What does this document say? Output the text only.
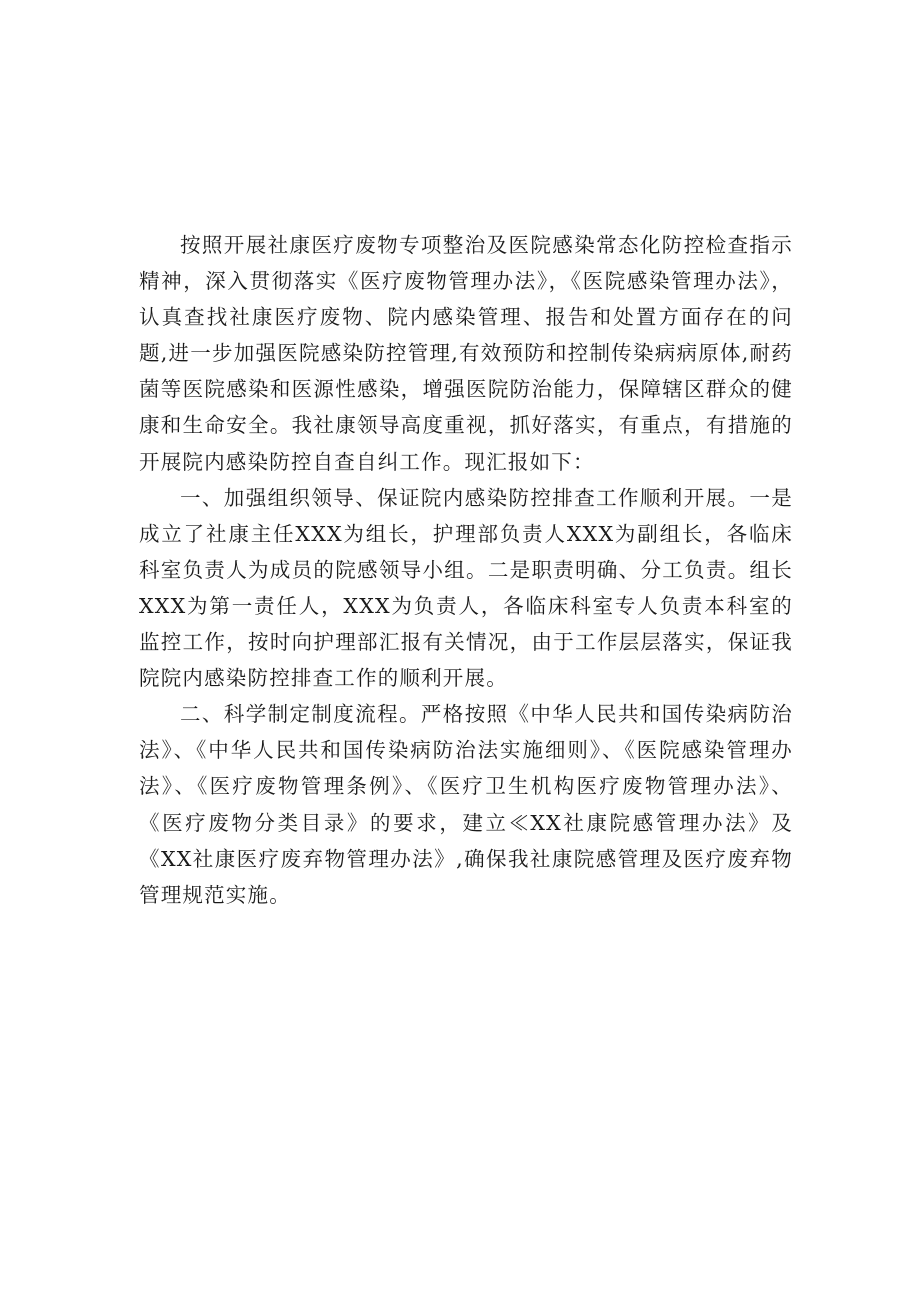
按照开展社康医疗废物专项整治及医院感染常态化防控检查指示精神，深入贯彻落实《医疗废物管理办法》，《医院感染管理办法》，认真查找社康医疗废物、院内感染管理、报告和处置方面存在的问题,进一步加强医院感染防控管理,有效预防和控制传染病病原体,耐药菌等医院感染和医源性感染，增强医院防治能力，保障辖区群众的健康和生命安全。我社康领导高度重视，抓好落实，有重点，有措施的开展院内感染防控自查自纠工作。现汇报如下：

一、加强组织领导、保证院内感染防控排查工作顺利开展。一是成立了社康主任XXX为组长，护理部负责人XXX为副组长，各临床科室负责人为成员的院感领导小组。二是职责明确、分工负责。组长XXX为第一责任人，XXX为负责人，各临床科室专人负责本科室的监控工作，按时向护理部汇报有关情况，由于工作层层落实，保证我院院内感染防控排查工作的顺利开展。

二、科学制定制度流程。严格按照《中华人民共和国传染病防治法》、《中华人民共和国传染病防治法实施细则》、《医院感染管理办法》、《医疗废物管理条例》、《医疗卫生机构医疗废物管理办法》、《医疗废物分类目录》的要求，建立≪XX社康院感管理办法》及《XX社康医疗废弃物管理办法》,确保我社康院感管理及医疗废弃物管理规范实施。
